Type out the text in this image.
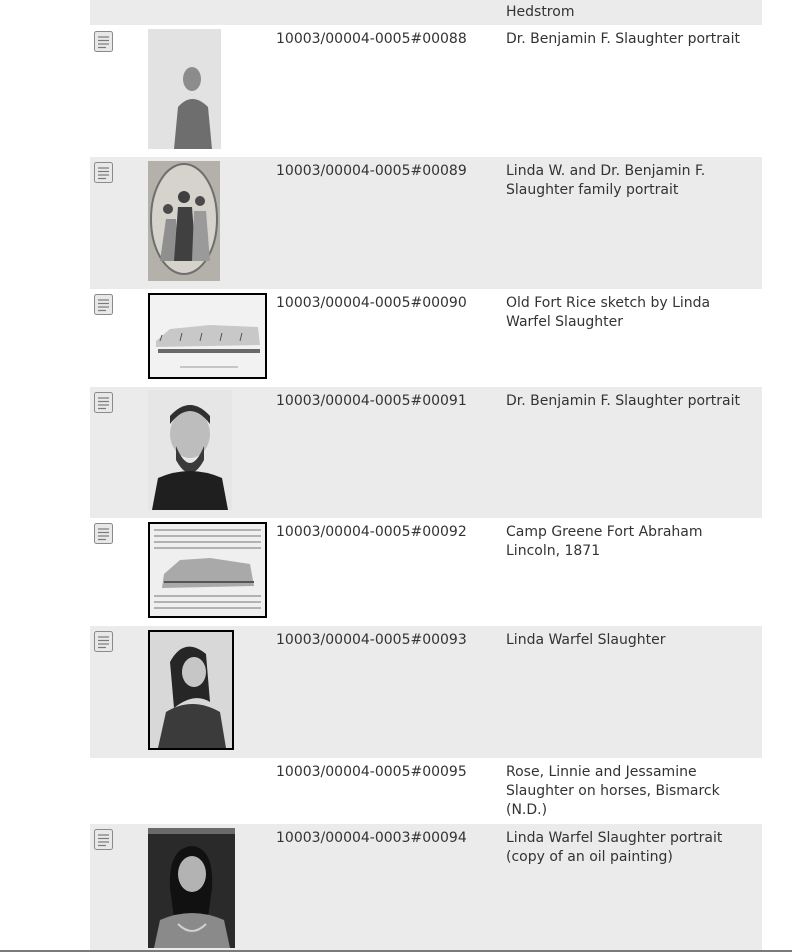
Hedstrom
10003/00004-0005#00088	Dr. Benjamin F. Slaughter portrait
10003/00004-0005#00089	Linda W. and Dr. Benjamin F. Slaughter family portrait
10003/00004-0005#00090	Old Fort Rice sketch by Linda Warfel Slaughter
10003/00004-0005#00091	Dr. Benjamin F. Slaughter portrait
10003/00004-0005#00092	Camp Greene Fort Abraham Lincoln, 1871
10003/00004-0005#00093	Linda Warfel Slaughter
10003/00004-0005#00095	Rose, Linnie and Jessamine Slaughter on horses, Bismarck (N.D.)
10003/00004-0003#00094	Linda Warfel Slaughter portrait (copy of an oil painting)
